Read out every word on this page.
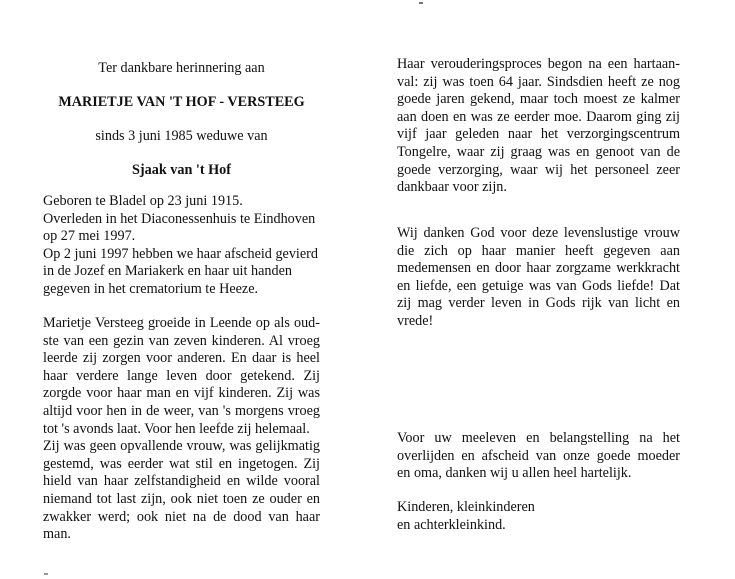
Ter dankbare herinnering aan
MARIETJE VAN 'T HOF - VERSTEEG
sinds 3 juni 1985 weduwe van
Sjaak van 't Hof

Geboren te Bladel op 23 juni 1915.
Overleden in het Diaconessenhuis te Eindhoven
op 27 mei 1997.
Op 2 juni 1997 hebben we haar afscheid gevierd
in de Jozef en Mariakerk en haar uit handen
gegeven in het crematorium te Heeze.

Marietje Versteeg groeide in Leende op als oud-
ste van een gezin van zeven kinderen. Al vroeg
leerde zij zorgen voor anderen. En daar is heel
haar verdere lange leven door getekend. Zij
zorgde voor haar man en vijf kinderen. Zij was
altijd voor hen in de weer, van 's morgens vroeg
tot 's avonds laat. Voor hen leefde zij helemaal.
Zij was geen opvallende vrouw, was gelijkmatig
gestemd, was eerder wat stil en ingetogen. Zij
hield van haar zelfstandigheid en wilde vooral
niemand tot last zijn, ook niet toen ze ouder en
zwakker werd; ook niet na de dood van haar
man.

Haar verouderingsproces begon na een hartaan-
val: zij was toen 64 jaar. Sindsdien heeft ze nog
goede jaren gekend, maar toch moest ze kalmer
aan doen en was ze eerder moe. Daarom ging zij
vijf jaar geleden naar het verzorgingscentrum
Tongelre, waar zij graag was en genoot van de
goede verzorging, waar wij het personeel zeer
dankbaar voor zijn.

Wij danken God voor deze levenslustige vrouw
die zich op haar manier heeft gegeven aan
medemensen en door haar zorgzame werkkracht
en liefde, een getuige was van Gods liefde! Dat
zij mag verder leven in Gods rijk van licht en
vrede!

Voor uw meeleven en belangstelling na het
overlijden en afscheid van onze goede moeder
en oma, danken wij u allen heel hartelijk.

Kinderen, kleinkinderen
en achterkleinkind.
